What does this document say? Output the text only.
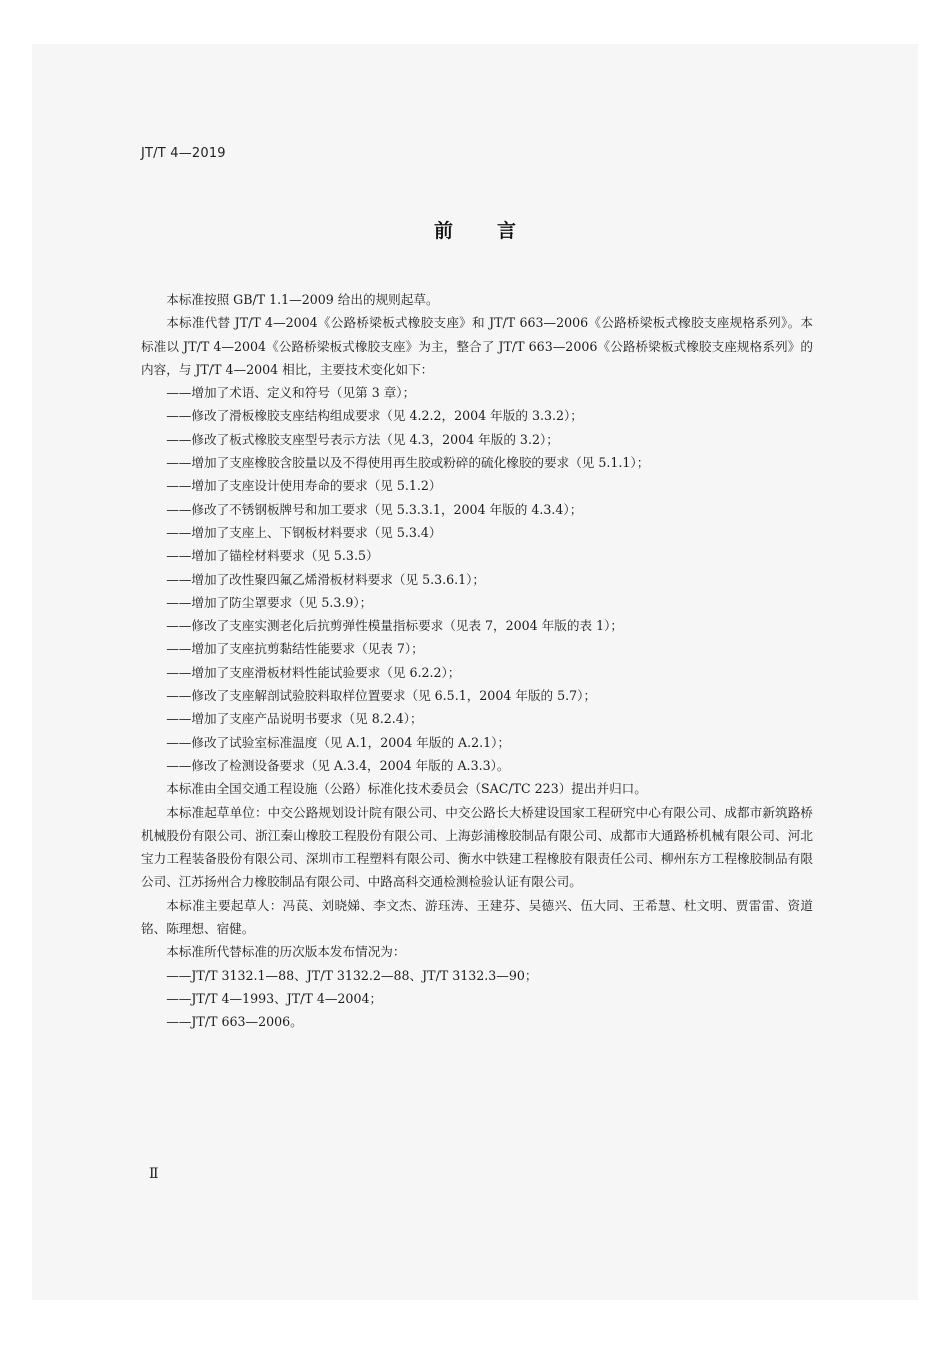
JT/T 4—2019
前言

本标准按照 GB/T 1.1—2009 给出的规则起草。

本标准代替 JT/T 4—2004《公路桥梁板式橡胶支座》和 JT/T 663—2006《公路桥梁板式橡胶支座规格系列》。本标准以 JT/T 4—2004《公路桥梁板式橡胶支座》为主，整合了 JT/T 663—2006《公路桥梁板式橡胶支座规格系列》的内容，与 JT/T 4—2004 相比，主要技术变化如下：

——增加了术语、定义和符号（见第 3 章）；

——修改了滑板橡胶支座结构组成要求（见 4.2.2，2004 年版的 3.3.2）；

——修改了板式橡胶支座型号表示方法（见 4.3，2004 年版的 3.2）；

——增加了支座橡胶含胶量以及不得使用再生胶或粉碎的硫化橡胶的要求（见 5.1.1）；

——增加了支座设计使用寿命的要求（见 5.1.2）

——修改了不锈钢板牌号和加工要求（见 5.3.3.1，2004 年版的 4.3.4）；

——增加了支座上、下钢板材料要求（见 5.3.4）

——增加了锚栓材料要求（见 5.3.5）

——增加了改性聚四氟乙烯滑板材料要求（见 5.3.6.1）；

——增加了防尘罩要求（见 5.3.9）；

——修改了支座实测老化后抗剪弹性模量指标要求（见表 7，2004 年版的表 1）；

——增加了支座抗剪黏结性能要求（见表 7）；

——增加了支座滑板材料性能试验要求（见 6.2.2）；

——修改了支座解剖试验胶料取样位置要求（见 6.5.1，2004 年版的 5.7）；

——增加了支座产品说明书要求（见 8.2.4）；

——修改了试验室标准温度（见 A.1，2004 年版的 A.2.1）；

——修改了检测设备要求（见 A.3.4，2004 年版的 A.3.3）。

本标准由全国交通工程设施（公路）标准化技术委员会（SAC/TC 223）提出并归口。

本标准起草单位：中交公路规划设计院有限公司、中交公路长大桥建设国家工程研究中心有限公司、成都市新筑路桥机械股份有限公司、浙江秦山橡胶工程股份有限公司、上海彭浦橡胶制品有限公司、成都市大通路桥机械有限公司、河北宝力工程装备股份有限公司、深圳市工程塑料有限公司、衡水中铁建工程橡胶有限责任公司、柳州东方工程橡胶制品有限公司、江苏扬州合力橡胶制品有限公司、中路高科交通检测检验认证有限公司。

本标准主要起草人：冯苠、刘晓娣、李文杰、游珏涛、王建芬、吴德兴、伍大同、王希慧、杜文明、贾雷雷、资道铭、陈理想、宿健。

本标准所代替标准的历次版本发布情况为：

——JT/T 3132.1—88、JT/T 3132.2—88、JT/T 3132.3—90；

——JT/T 4—1993、JT/T 4—2004；

——JT/T 663—2006。

Ⅱ
